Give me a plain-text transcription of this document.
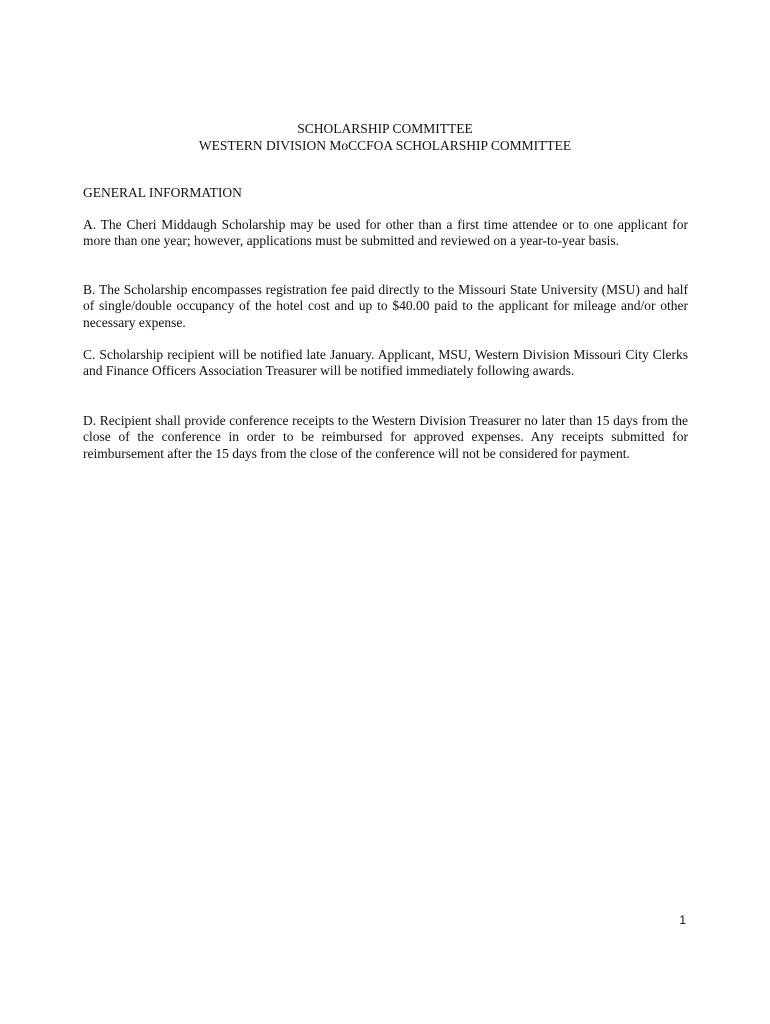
SCHOLARSHIP COMMITTEE
WESTERN DIVISION MoCCFOA SCHOLARSHIP COMMITTEE
GENERAL INFORMATION
A. The Cheri Middaugh Scholarship may be used for other than a first time attendee or to one applicant for more than one year; however, applications must be submitted and reviewed on a year-to-year basis.
B. The Scholarship encompasses registration fee paid directly to the Missouri State University (MSU) and half of single/double occupancy of the hotel cost and up to $40.00 paid to the applicant for mileage and/or other necessary expense.
C. Scholarship recipient will be notified late January. Applicant, MSU, Western Division Missouri City Clerks and Finance Officers Association Treasurer will be notified immediately following awards.
D. Recipient shall provide conference receipts to the Western Division Treasurer no later than 15 days from the close of the conference in order to be reimbursed for approved expenses. Any receipts submitted for reimbursement after the 15 days from the close of the conference will not be considered for payment.
1
